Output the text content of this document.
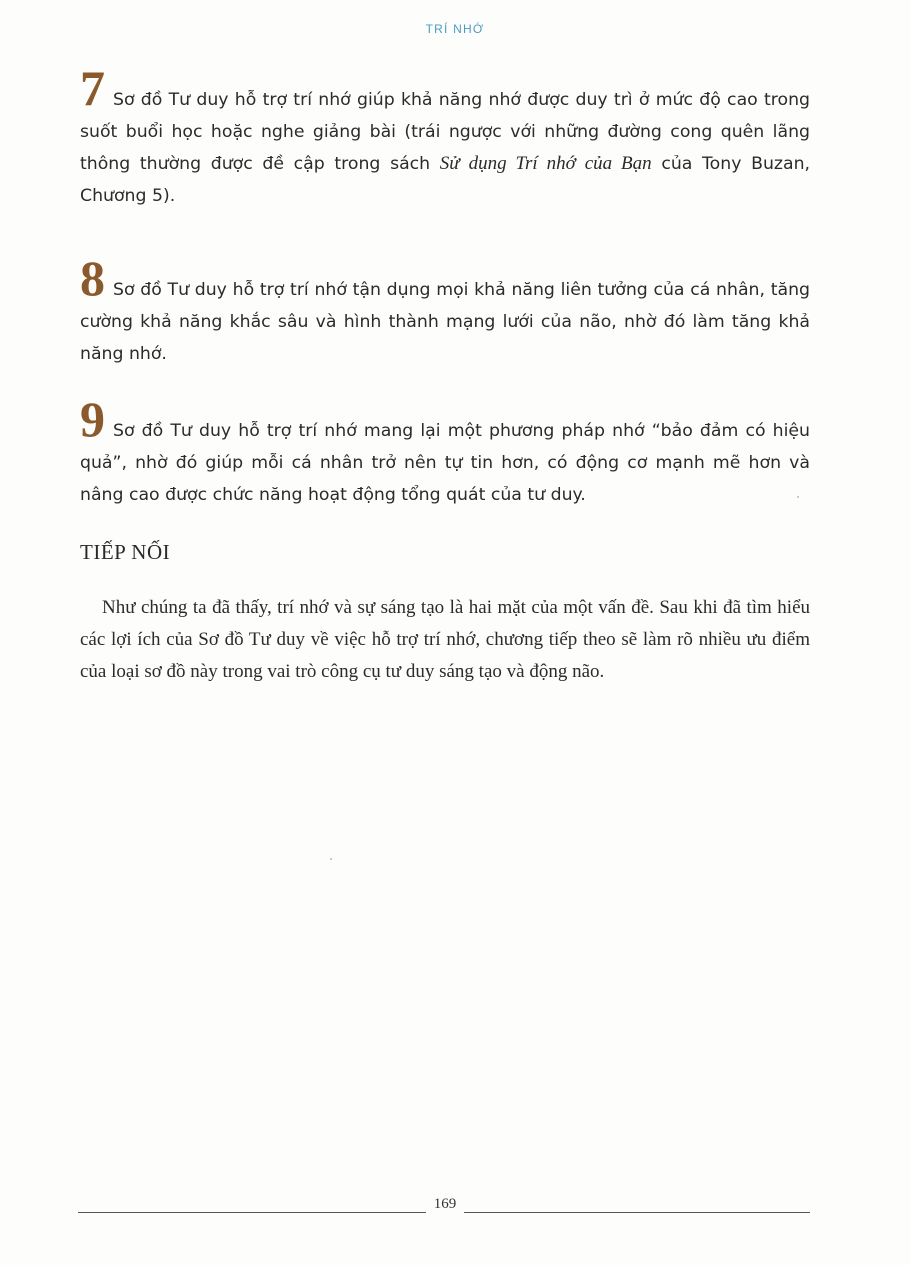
TRÍ NHỚ
7 Sơ đồ Tư duy hỗ trợ trí nhớ giúp khả năng nhớ được duy trì ở mức độ cao trong suốt buổi học hoặc nghe giảng bài (trái ngược với những đường cong quên lãng thông thường được đề cập trong sách Sử dụng Trí nhớ của Bạn của Tony Buzan, Chương 5).
8 Sơ đồ Tư duy hỗ trợ trí nhớ tận dụng mọi khả năng liên tưởng của cá nhân, tăng cường khả năng khắc sâu và hình thành mạng lưới của não, nhờ đó làm tăng khả năng nhớ.
9 Sơ đồ Tư duy hỗ trợ trí nhớ mang lại một phương pháp nhớ “bảo đảm có hiệu quả”, nhờ đó giúp mỗi cá nhân trở nên tự tin hơn, có động cơ mạnh mẽ hơn và nâng cao được chức năng hoạt động tổng quát của tư duy.
TIẾP NỐI
Như chúng ta đã thấy, trí nhớ và sự sáng tạo là hai mặt của một vấn đề. Sau khi đã tìm hiểu các lợi ích của Sơ đồ Tư duy về việc hỗ trợ trí nhớ, chương tiếp theo sẽ làm rõ nhiều ưu điểm của loại sơ đồ này trong vai trò công cụ tư duy sáng tạo và động não.
169
